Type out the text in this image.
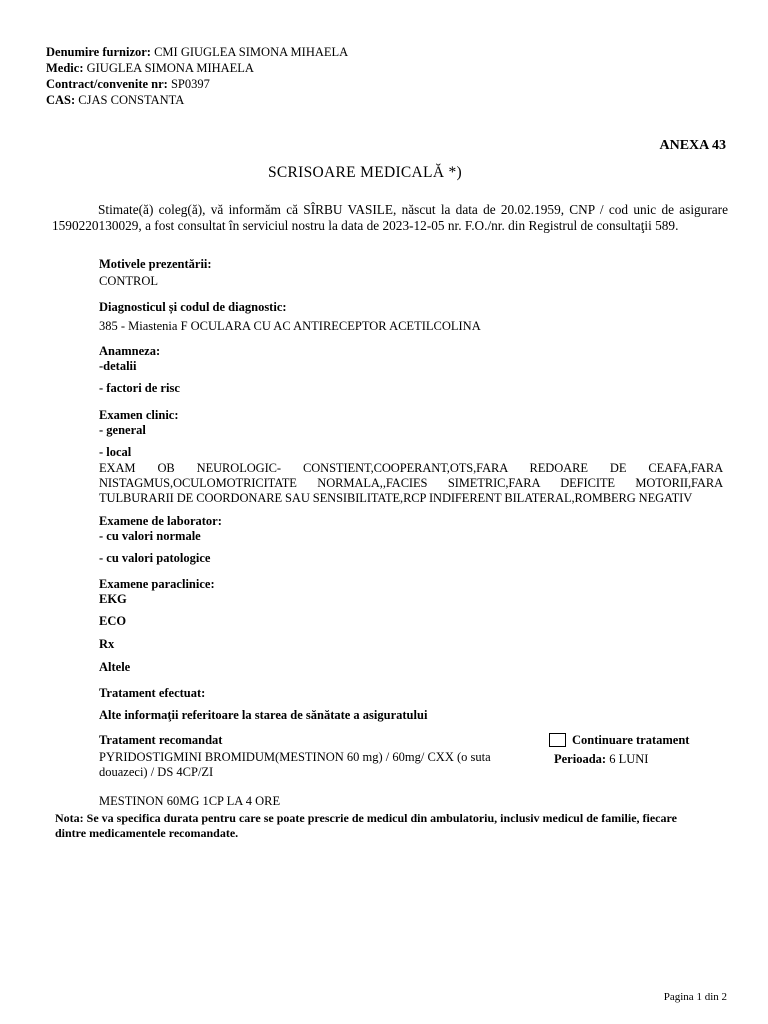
Denumire furnizor: CMI GIUGLEA SIMONA MIHAELA
Medic: GIUGLEA SIMONA MIHAELA
Contract/convenite nr: SP0397
CAS: CJAS CONSTANTA
ANEXA 43
SCRISOARE MEDICALĂ *)
Stimate(ă) coleg(ă), vă informăm că SÎRBU VASILE, născut la data de 20.02.1959, CNP / cod unic de asigurare 1590220130029, a fost consultat în serviciul nostru la data de 2023-12-05 nr. F.O./nr. din Registrul de consultaţii 589.
Motivele prezentării:
CONTROL
Diagnosticul și codul de diagnostic:
385 - Miastenia F OCULARA CU AC ANTIRECEPTOR ACETILCOLINA
Anamneza:
-detalii
- factori de risc
Examen clinic:
- general
- local
EXAM OB NEUROLOGIC- CONSTIENT,COOPERANT,OTS,FARA REDOARE DE CEAFA,FARA NISTAGMUS,OCULOMOTRICITATE NORMALA,,FACIES SIMETRIC,FARA DEFICITE MOTORII,FARA TULBURARII DE COORDONARE SAU SENSIBILITATE,RCP INDIFERENT BILATERAL,ROMBERG NEGATIV
Examene de laborator:
- cu valori normale
- cu valori patologice
Examene paraclinice:
EKG
ECO
Rx
Altele
Tratament efectuat:
Alte informaţii referitoare la starea de sănătate a asiguratului
Tratament recomandat
PYRIDOSTIGMINI BROMIDUM(MESTINON 60 mg) / 60mg/ CXX (o suta douazeci) / DS 4CP/ZI
Continuare tratament
Perioada: 6 LUNI
MESTINON 60MG 1CP LA 4 ORE
Nota: Se va specifica durata pentru care se poate prescrie de medicul din ambulatoriu, inclusiv medicul de familie, fiecare dintre medicamentele recomandate.
Pagina 1 din 2
